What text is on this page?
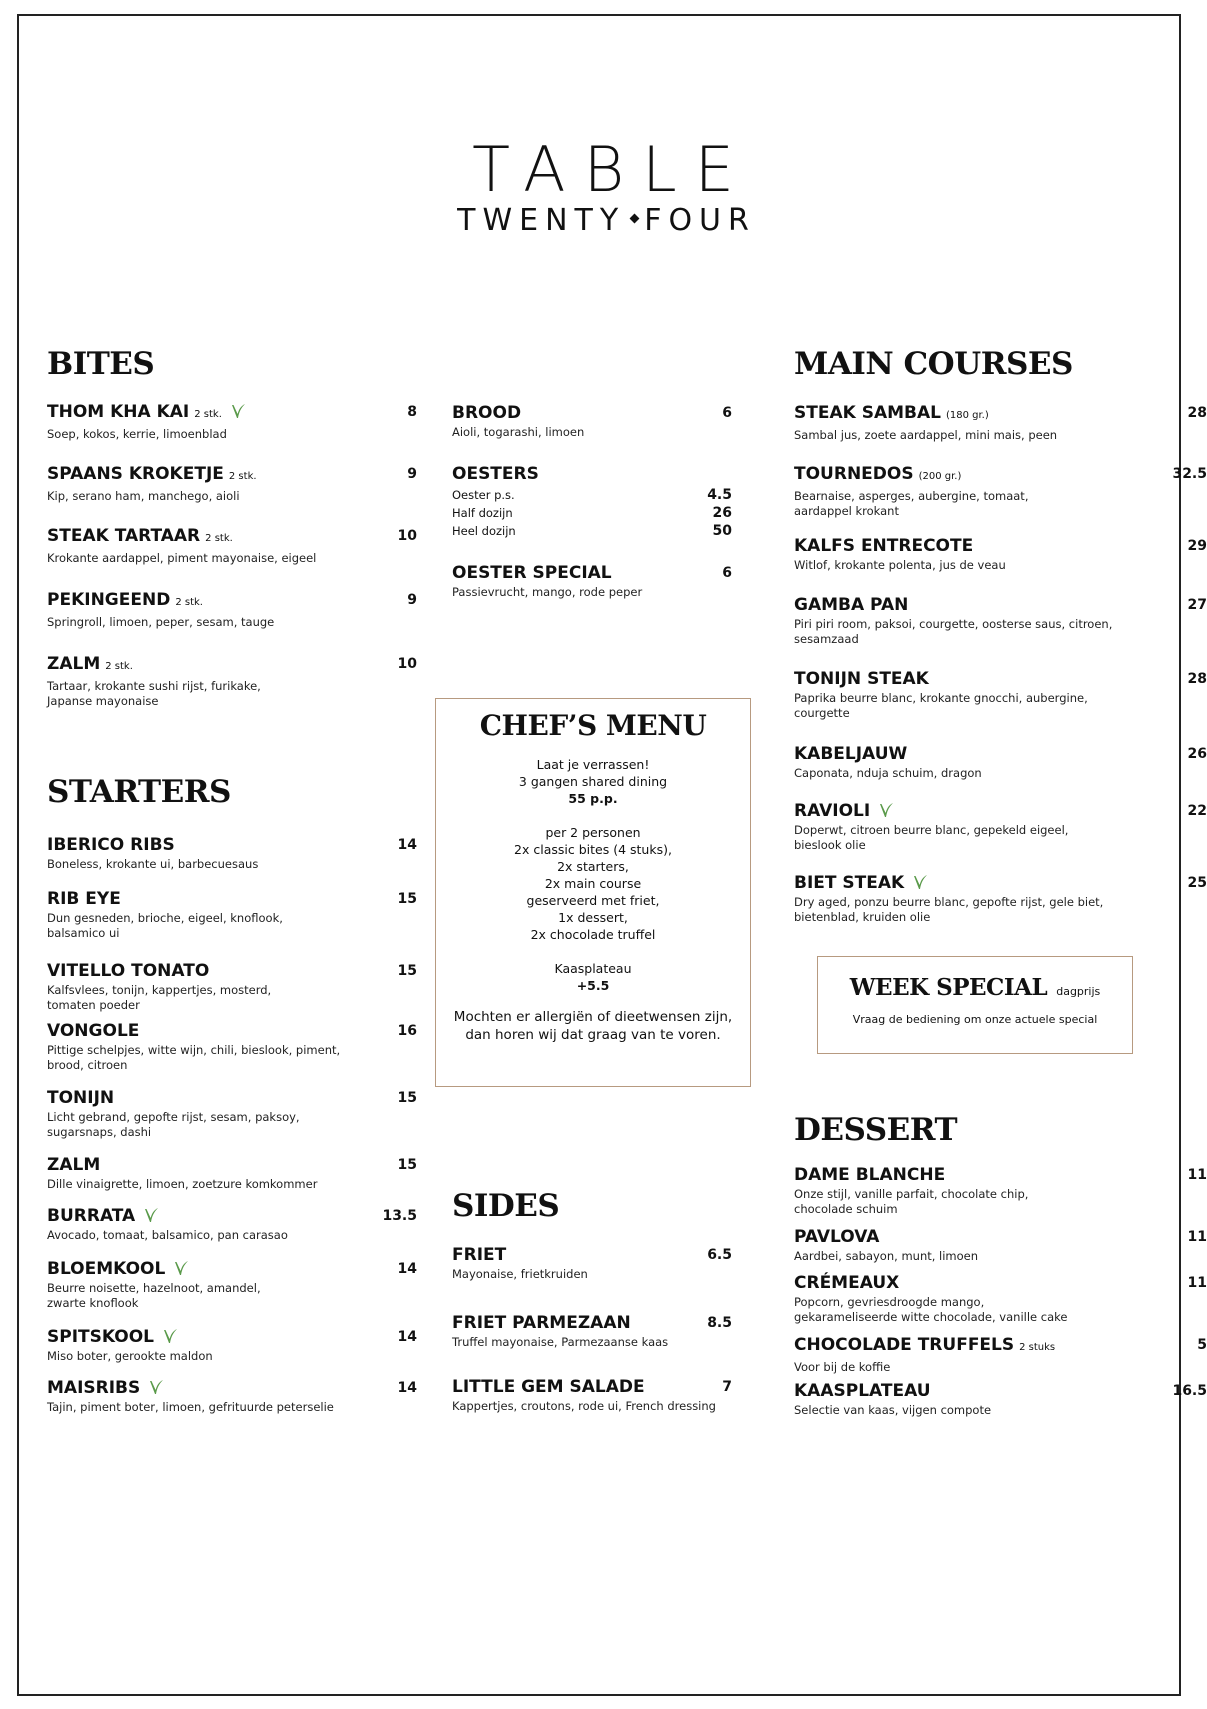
TABLE
TWENTY FOUR
BITES
THOM KHA KAI 2 stk.
Soep, kokos, kerrie, limoenblad
8
SPAANS KROKETJE 2 stk.
Kip, serano ham, manchego, aioli
9
STEAK TARTAAR 2 stk.
Krokante aardappel, piment mayonaise, eigeel
10
PEKINGEEND 2 stk.
Springroll, limoen, peper, sesam, tauge
9
ZALM 2 stk.
Tartaar, krokante sushi rijst, furikake,
Japanse mayonaise
10
STARTERS
IBERICO RIBS
Boneless, krokante ui, barbecuesaus
14
RIB EYE
Dun gesneden, brioche, eigeel, knoflook,
balsamico ui
15
VITELLO TONATO
Kalfsvlees, tonijn, kappertjes, mosterd,
tomaten poeder
15
VONGOLE
Pittige schelpjes, witte wijn, chili, bieslook, piment,
brood, citroen
16
TONIJN
Licht gebrand, gepofte rijst, sesam, paksoy,
sugarsnaps, dashi
15
ZALM
Dille vinaigrette, limoen, zoetzure komkommer
15
BURRATA
Avocado, tomaat, balsamico, pan carasao
13.5
BLOEMKOOL
Beurre noisette, hazelnoot, amandel,
zwarte knoflook
14
SPITSKOOL
Miso boter, gerookte maldon
14
MAISRIBS
Tajin, piment boter, limoen, gefrituurde peterselie
14
BROOD
Aioli, togarashi, limoen
6
OESTERS
Oester p.s.	4.5
Half dozijn	26
Heel dozijn	50
OESTER SPECIAL
Passievrucht, mango, rode peper
6
SIDES
FRIET
Mayonaise, frietkruiden
6.5
FRIET PARMEZAAN
Truffel mayonaise, Parmezaanse kaas
8.5
LITTLE GEM SALADE
Kappertjes, croutons, rode ui, French dressing
7
CHEF’S MENU
Laat je verrassen!
3 gangen shared dining
55 p.p.
per 2 personen
2x classic bites (4 stuks),
2x starters,
2x main course
geserveerd met friet,
1x dessert,
2x chocolade truffel
Kaasplateau
+5.5
Mochten er allergiën of dieetwensen zijn,
dan horen wij dat graag van te voren.
MAIN COURSES
STEAK SAMBAL (180 gr.)
Sambal jus, zoete aardappel, mini mais, peen
28
TOURNEDOS (200 gr.)
Bearnaise, asperges, aubergine, tomaat,
aardappel krokant
32.5
KALFS ENTRECOTE
Witlof, krokante polenta, jus de veau
29
GAMBA PAN
Piri piri room, paksoi, courgette, oosterse saus, citroen,
sesamzaad
27
TONIJN STEAK
Paprika beurre blanc, krokante gnocchi, aubergine,
courgette
28
KABELJAUW
Caponata, nduja schuim, dragon
26
RAVIOLI
Doperwt, citroen beurre blanc, gepekeld eigeel,
bieslook olie
22
BIET STEAK
Dry aged, ponzu beurre blanc, gepofte rijst, gele biet,
bietenblad, kruiden olie
25
DESSERT
DAME BLANCHE
Onze stijl, vanille parfait, chocolate chip,
chocolade schuim
11
PAVLOVA
Aardbei, sabayon, munt, limoen
11
CRÉMEAUX
Popcorn, gevriesdroogde mango,
gekarameliseerde witte chocolade, vanille cake
11
CHOCOLADE TRUFFELS 2 stuks
Voor bij de koffie
5
KAASPLATEAU
Selectie van kaas, vijgen compote
16.5
WEEK SPECIAL dagprijs
Vraag de bediening om onze actuele special
